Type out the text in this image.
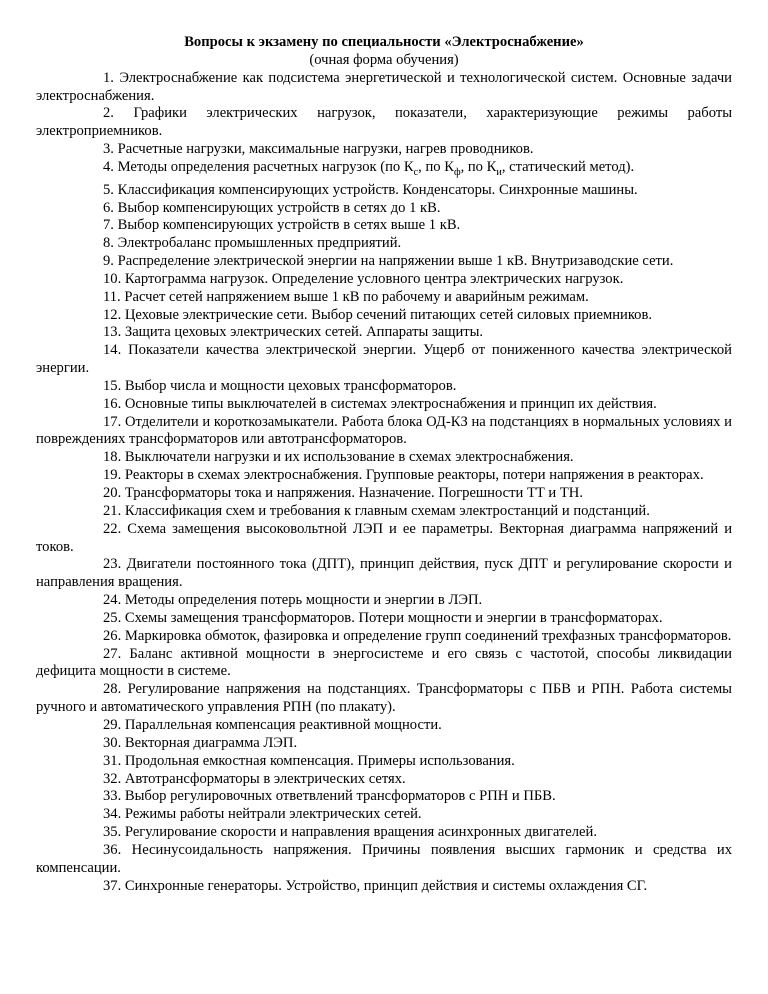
Вопросы к экзамену по специальности «Электроснабжение»

(очная форма обучения)

1. Электроснабжение как подсистема энергетической и технологической систем. Основные задачи электроснабжения.

2. Графики электрических нагрузок, показатели, характеризующие режимы работы электроприемников.

3. Расчетные нагрузки, максимальные нагрузки, нагрев проводников.

4. Методы определения расчетных нагрузок (по $К_с$, по $К_ф$, по $К_и$, статический метод).

5. Классификация компенсирующих устройств. Конденсаторы. Синхронные машины.

6. Выбор компенсирующих устройств в сетях до 1 кВ.

7. Выбор компенсирующих устройств в сетях выше 1 кВ.

8. Электробаланс промышленных предприятий.

9. Распределение электрической энергии на напряжении выше 1 кВ. Внутризаводские сети.

10. Картограмма нагрузок. Определение условного центра электрических нагрузок.

11. Расчет сетей напряжением выше 1 кВ по рабочему и аварийным режимам.

12. Цеховые электрические сети. Выбор сечений питающих сетей силовых приемников.

13. Защита цеховых электрических сетей. Аппараты защиты.

14. Показатели качества электрической энергии. Ущерб от пониженного качества электрической энергии.

15. Выбор числа и мощности цеховых трансформаторов.

16. Основные типы выключателей в системах электроснабжения и принцип их действия.

17. Отделители и короткозамыкатели. Работа блока ОД-КЗ на подстанциях в нормальных условиях и повреждениях трансформаторов или автотрансформаторов.

18. Выключатели нагрузки и их использование в схемах электроснабжения.

19. Реакторы в схемах электроснабжения. Групповые реакторы, потери напряжения в реакторах.

20. Трансформаторы тока и напряжения. Назначение. Погрешности ТТ и ТН.

21. Классификация схем и требования к главным схемам электростанций и подстанций.

22. Схема замещения высоковольтной ЛЭП и ее параметры. Векторная диаграмма напряжений и токов.

23. Двигатели постоянного тока (ДПТ), принцип действия, пуск ДПТ и регулирование скорости и направления вращения.

24. Методы определения потерь мощности и энергии в ЛЭП.

25. Схемы замещения трансформаторов. Потери мощности и энергии в трансформаторах.

26. Маркировка обмоток, фазировка и определение групп соединений трехфазных трансформаторов.

27. Баланс активной мощности в энергосистеме и его связь с частотой, способы ликвидации дефицита мощности в системе.

28. Регулирование напряжения на подстанциях. Трансформаторы с ПБВ и РПН. Работа системы ручного и автоматического управления РПН (по плакату).

29. Параллельная компенсация реактивной мощности.

30. Векторная диаграмма ЛЭП.

31. Продольная емкостная компенсация. Примеры использования.

32. Автотрансформаторы в электрических сетях.

33. Выбор регулировочных ответвлений трансформаторов с РПН и ПБВ.

34. Режимы работы нейтрали электрических сетей.

35. Регулирование скорости и направления вращения асинхронных двигателей.

36. Несинусоидальность напряжения. Причины появления высших гармоник и средства их компенсации.

37. Синхронные генераторы. Устройство, принцип действия и системы охлаждения СГ.
